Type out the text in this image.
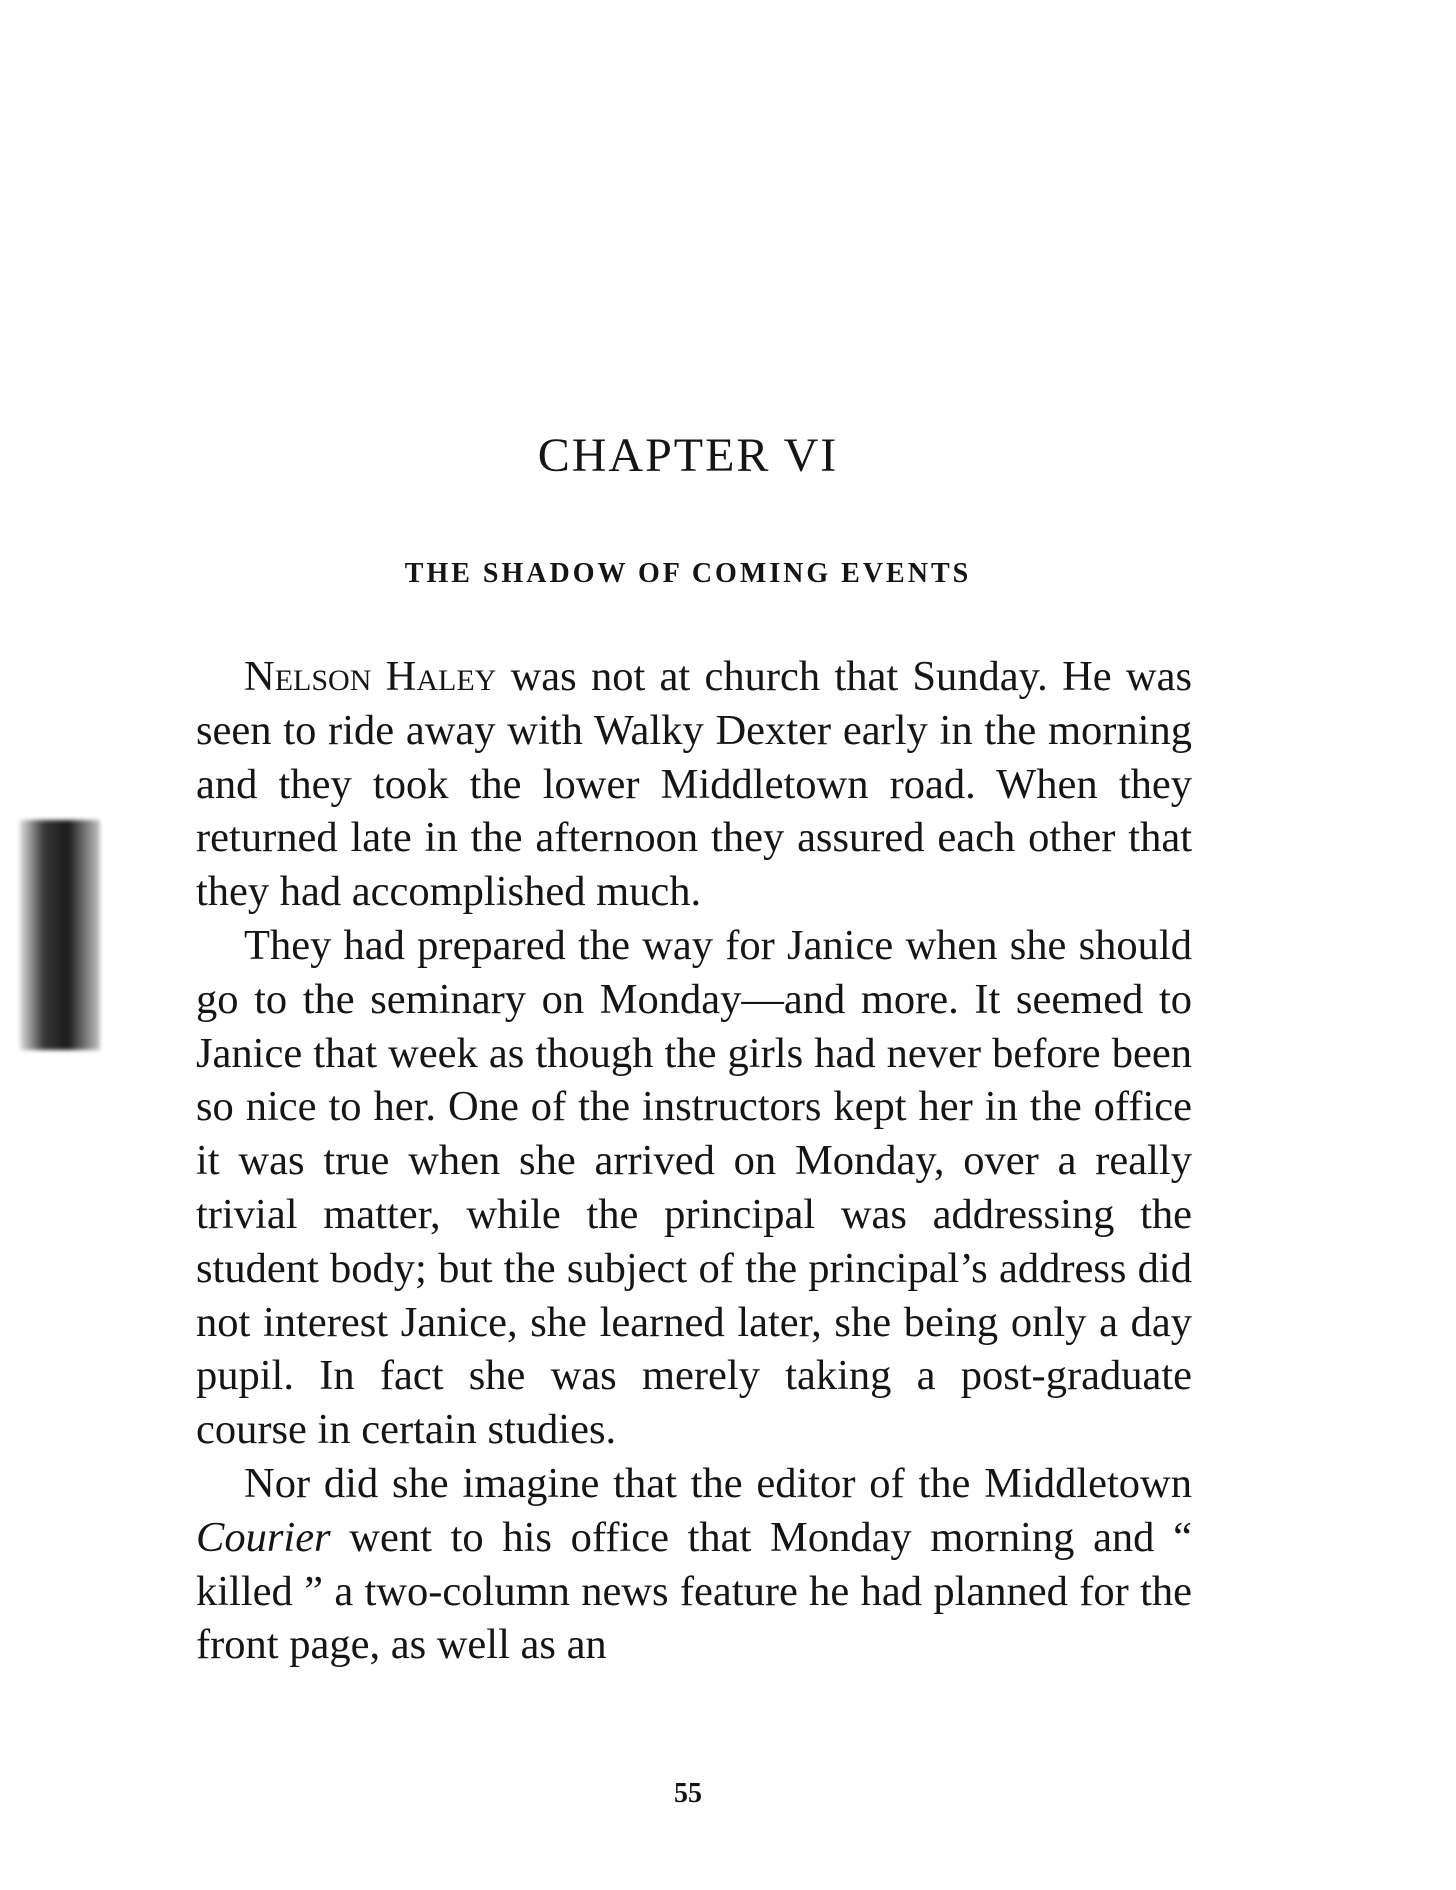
CHAPTER VI
THE SHADOW OF COMING EVENTS

Nelson Haley was not at church that Sunday. He was seen to ride away with Walky Dexter early in the morning and they took the lower Middletown road. When they returned late in the afternoon they assured each other that they had accomplished much.

They had prepared the way for Janice when she should go to the seminary on Monday—and more. It seemed to Janice that week as though the girls had never before been so nice to her. One of the instructors kept her in the office it was true when she arrived on Monday, over a really trivial matter, while the principal was addressing the student body; but the subject of the principal’s address did not interest Janice, she learned later, she being only a day pupil. In fact she was merely taking a post-graduate course in certain studies.

Nor did she imagine that the editor of the Middletown Courier went to his office that Monday morning and “ killed ” a two-column news feature he had planned for the front page, as well as an

55
